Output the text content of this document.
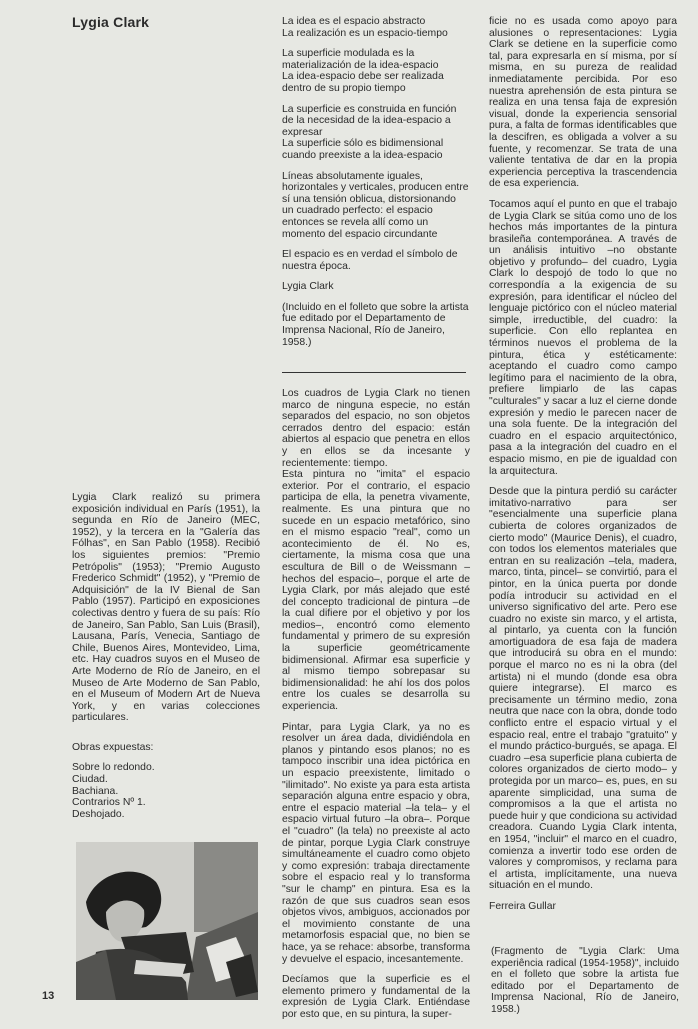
Lygia Clark	La idea es el espacio abstracto
La realización es un espacio-tiempo

La superficie modulada es la materialización de la idea-espacio
La idea-espacio debe ser realizada dentro de su propio tiempo

La superficie es construida en función de la necesidad de la idea-espacio a expresar
La superficie sólo es bidimensional cuando preexiste a la idea-espacio

Líneas absolutamente iguales, horizontales y verticales, producen entre sí una tensión oblicua, distorsionando un cuadrado perfecto: el espacio entonces se revela allí como un momento del espacio circundante

El espacio es en verdad el símbolo de nuestra época.

Lygia Clark

(Incluido en el folleto que sobre la artista fue editado por el Departamento de Imprensa Nacional, Río de Janeiro, 1958.)

Lygia Clark realizó su primera exposición individual en París (1951), la segunda en Río de Janeiro (MEC, 1952), y la tercera en la "Galería das Fólhas", en San Pablo (1958). Recibió los siguientes premios: "Premio Petrópolis" (1953); "Premio Augusto Frederico Schmidt" (1952), y "Premio de Adquisición" de la IV Bienal de San Pablo (1957). Participó en exposiciones colectivas dentro y fuera de su país: Río de Janeiro, San Pablo, San Luis (Brasil), Lausana, París, Venecia, Santiago de Chile, Buenos Aires, Montevideo, Lima, etc. Hay cuadros suyos en el Museo de Arte Moderno de Río de Janeiro, en el Museo de Arte Moderno de San Pablo, en el Museum of Modern Art de Nueva York, y en varias colecciones particulares.

Obras expuestas:

Sobre lo redondo.
Ciudad.
Bachiana.
Contrarios Nº 1.
Deshojado.

Los cuadros de Lygia Clark no tienen marco de ninguna especie, no están separados del espacio, no son objetos cerrados dentro del espacio: están abiertos al espacio que penetra en ellos y en ellos se da incesante y recientemente: tiempo.
Esta pintura no "imita" el espacio exterior. Por el contrario, el espacio participa de ella, la penetra vivamente, realmente. Es una pintura que no sucede en un espacio metafórico, sino en el mismo espacio "real", como un acontecimiento de él. No es, ciertamente, la misma cosa que una escultura de Bill o de Weissmann –hechos del espacio–, porque el arte de Lygia Clark, por más alejado que esté del concepto tradicional de pintura –de la cual difiere por el objetivo y por los medios–, encontró como elemento fundamental y primero de su expresión la superficie geométricamente bidimensional. Afirmar esa superficie y al mismo tiempo sobrepasar su bidimensionalidad: he ahí los dos polos entre los cuales se desarrolla su experiencia.

Pintar, para Lygia Clark, ya no es resolver un área dada, dividiéndola en planos y pintando esos planos; no es tampoco inscribir una idea pictórica en un espacio preexistente, limitado o "ilimitado". No existe ya para esta artista separación alguna entre espacio y obra, entre el espacio material –la tela– y el espacio virtual futuro –la obra–. Porque el "cuadro" (la tela) no preexiste al acto de pintar, porque Lygia Clark construye simultáneamente el cuadro como objeto y como expresión: trabaja directamente sobre el espacio real y lo transforma "sur le champ" en pintura. Esa es la razón de que sus cuadros sean esos objetos vivos, ambiguos, accionados por el movimiento constante de una metamorfosis espacial que, no bien se hace, ya se rehace: absorbe, transforma y devuelve el espacio, incesantemente.

Decíamos que la superficie es el elemento primero y fundamental de la expresión de Lygia Clark. Entiéndase por esto que, en su pintura, la super-

ficie no es usada como apoyo para alusiones o representaciones: Lygia Clark se detiene en la superficie como tal, para expresarla en sí misma, por sí misma, en su pureza de realidad inmediatamente percibida. Por eso nuestra aprehensión de esta pintura se realiza en una tensa faja de expresión visual, donde la experiencia sensorial pura, a falta de formas identificables que la descifren, es obligada a volver a su fuente, y recomenzar. Se trata de una valiente tentativa de dar en la propia experiencia perceptiva la trascendencia de esa experiencia.

Tocamos aquí el punto en que el trabajo de Lygia Clark se sitúa como uno de los hechos más importantes de la pintura brasileña contemporánea. A través de un análisis intuitivo –no obstante objetivo y profundo– del cuadro, Lygia Clark lo despojó de todo lo que no correspondía a la exigencia de su expresión, para identificar el núcleo del lenguaje pictórico con el núcleo material simple, irreductible, del cuadro: la superficie. Con ello replantea en términos nuevos el problema de la pintura, ética y estéticamente: aceptando el cuadro como campo legítimo para el nacimiento de la obra, prefiere limpiarlo de las capas "culturales" y sacar a luz el cierne donde expresión y medio le parecen nacer de una sola fuente. De la integración del cuadro en el espacio arquitectónico, pasa a la integración del cuadro en el espacio mismo, en pie de igualdad con la arquitectura.

Desde que la pintura perdió su carácter imitativo-narrativo para ser "esencialmente una superficie plana cubierta de colores organizados de cierto modo" (Maurice Denis), el cuadro, con todos los elementos materiales que entran en su realización –tela, madera, marco, tinta, pincel– se convirtió, para el pintor, en la única puerta por donde podía introducir su actividad en el universo significativo del arte. Pero ese cuadro no existe sin marco, y el artista, al pintarlo, ya cuenta con la función amortiguadora de esa faja de madera que introducirá su obra en el mundo: porque el marco no es ni la obra (del artista) ni el mundo (donde esa obra quiere integrarse). El marco es precisamente un término medio, zona neutra que nace con la obra, donde todo conflicto entre el espacio virtual y el espacio real, entre el trabajo "gratuito" y el mundo práctico-burgués, se apaga. El cuadro –esa superficie plana cubierta de colores organizados de cierto modo– y protegida por un marco– es, pues, en su aparente simplicidad, una suma de compromisos a la que el artista no puede huir y que condiciona su actividad creadora. Cuando Lygia Clark intenta, en 1954, "incluir" el marco en el cuadro, comienza a invertir todo ese orden de valores y compromisos, y reclama para el artista, implícitamente, una nueva situación en el mundo.

Ferreira Gullar

(Fragmento de "Lygia Clark: Uma experiência radical (1954-1958)", incluido en el folleto que sobre la artista fue editado por el Departamento de Imprensa Nacional, Río de Janeiro, 1958.)
13
